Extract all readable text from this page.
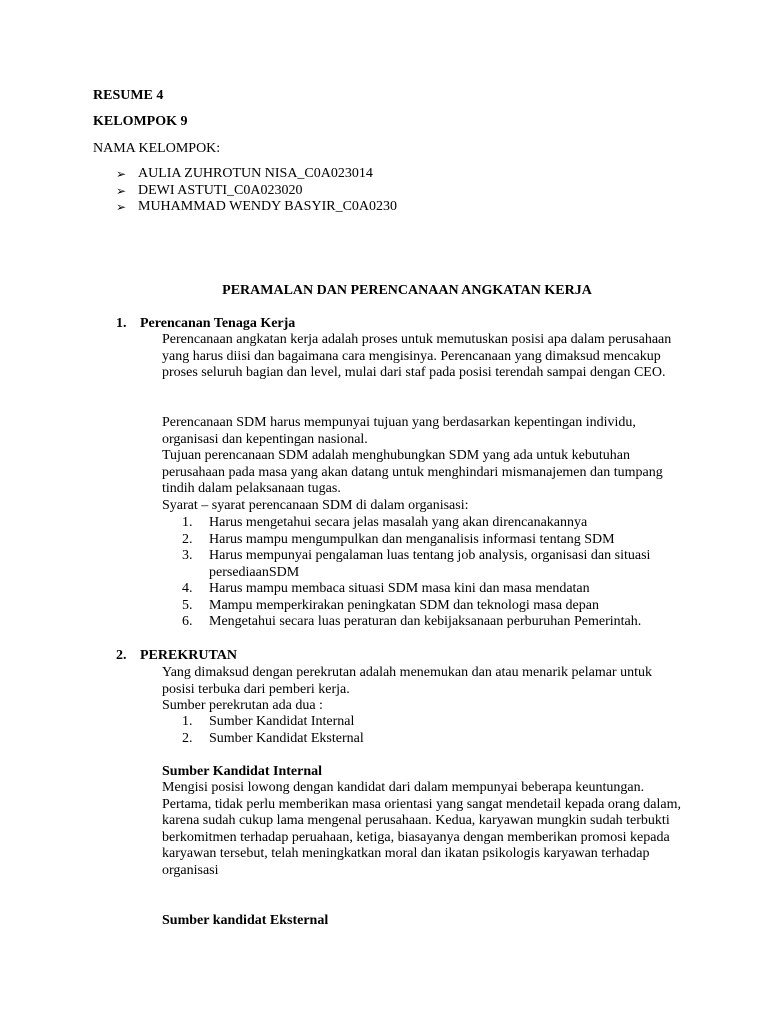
RESUME 4
KELOMPOK 9
NAMA KELOMPOK:
➢ AULIA ZUHROTUN NISA_C0A023014
➢ DEWI ASTUTI_C0A023020
➢ MUHAMMAD WENDY BASYIR_C0A0230
PERAMALAN DAN PERENCANAAN ANGKATAN KERJA
1. Perencanan Tenaga Kerja

Perencanaan angkatan kerja adalah proses untuk memutuskan posisi apa dalam perusahaan yang harus diisi dan bagaimana cara mengisinya. Perencanaan yang dimaksud mencakup proses seluruh bagian dan level, mulai dari staf pada posisi terendah sampai dengan CEO.

Perencanaan SDM harus mempunyai tujuan yang berdasarkan kepentingan individu, organisasi dan kepentingan nasional.

Tujuan perencanaan SDM adalah menghubungkan SDM yang ada untuk kebutuhan perusahaan pada masa yang akan datang untuk menghindari mismanajemen dan tumpang tindih dalam pelaksanaan tugas.

Syarat – syarat perencanaan SDM di dalam organisasi:

1.	Harus mengetahui secara jelas masalah yang akan direncanakannya
2.	Harus mampu mengumpulkan dan menganalisis informasi tentang SDM
3.	Harus mempunyai pengalaman luas tentang job analysis, organisasi dan situasi persediaanSDM
4.	Harus mampu membaca situasi SDM masa kini dan masa mendatan
5.	Mampu memperkirakan peningkatan SDM dan teknologi masa depan
6.	Mengetahui secara luas peraturan dan kebijaksanaan perburuhan Pemerintah.
2. PEREKRUTAN

Yang dimaksud dengan perekrutan adalah menemukan dan atau menarik pelamar untuk posisi terbuka dari pemberi kerja.

Sumber perekrutan ada dua :

1.	Sumber Kandidat Internal
2.	Sumber Kandidat Eksternal
Sumber Kandidat Internal

Mengisi posisi lowong dengan kandidat dari dalam mempunyai beberapa keuntungan. Pertama, tidak perlu memberikan masa orientasi yang sangat mendetail kepada orang dalam, karena sudah cukup lama mengenal perusahaan. Kedua, karyawan mungkin sudah terbukti berkomitmen terhadap peruahaan, ketiga, biasayanya dengan memberikan promosi kepada karyawan tersebut, telah meningkatkan moral dan ikatan psikologis karyawan terhadap organisasi

Sumber kandidat Eksternal
